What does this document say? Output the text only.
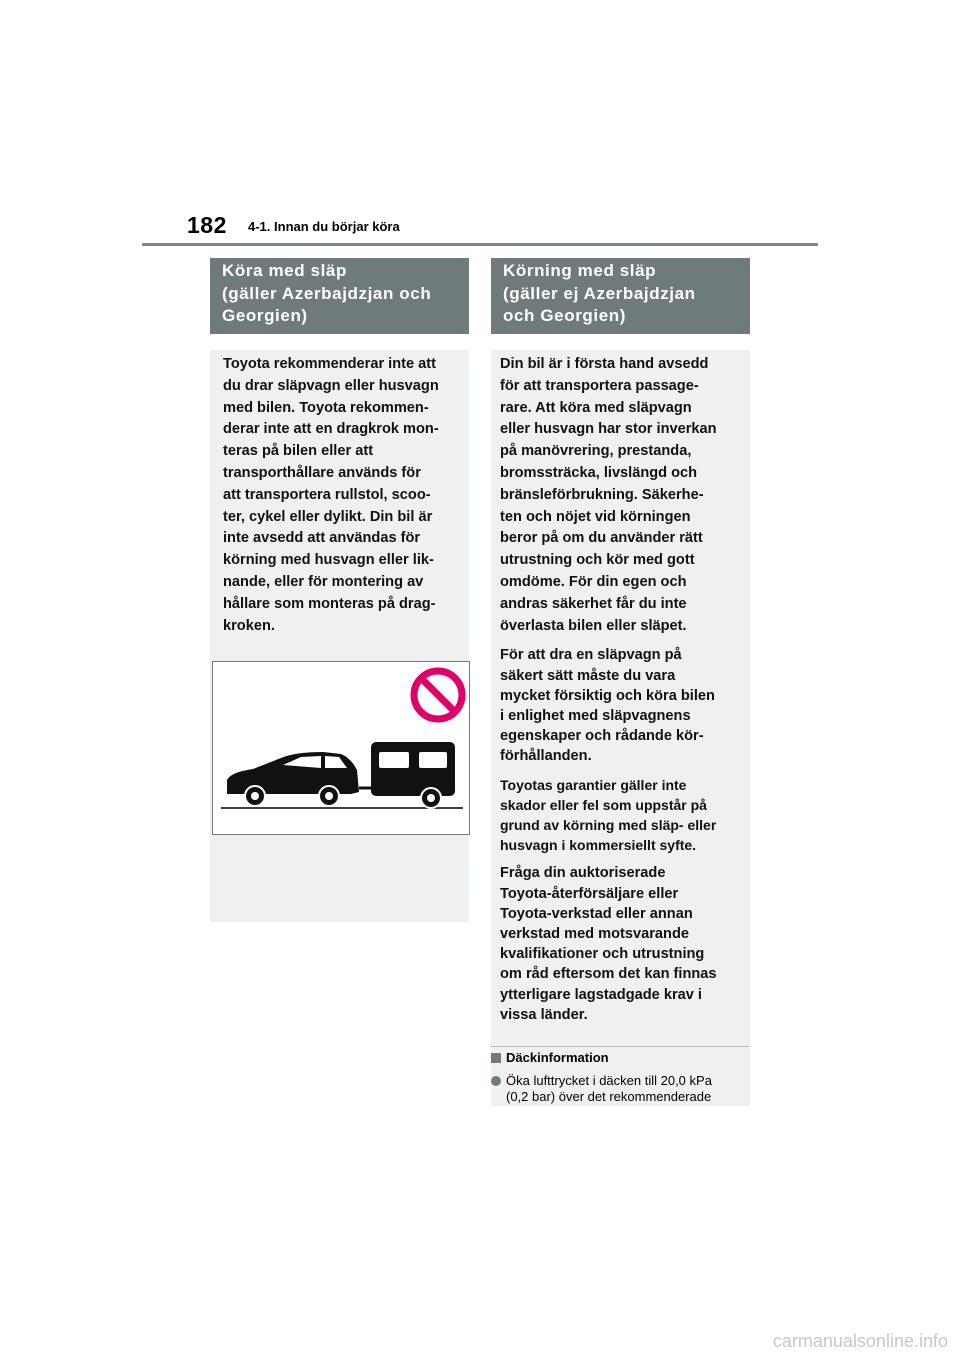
182 4-1. Innan du börjar köra
Köra med släp
(gäller Azerbajdzjan och
Georgien)
Toyota rekommenderar inte att
du drar släpvagn eller husvagn
med bilen. Toyota rekommen-
derar inte att en dragkrok mon-
teras på bilen eller att
transporthållare används för
att transportera rullstol, scoo-
ter, cykel eller dylikt. Din bil är
inte avsedd att användas för
körning med husvagn eller lik-
nande, eller för montering av
hållare som monteras på drag-
kroken.
Körning med släp
(gäller ej Azerbajdzjan
och Georgien)
Din bil är i första hand avsedd
för att transportera passage-
rare. Att köra med släpvagn
eller husvagn har stor inverkan
på manövrering, prestanda,
bromssträcka, livslängd och
bränsleförbrukning. Säkerhe-
ten och nöjet vid körningen
beror på om du använder rätt
utrustning och kör med gott
omdöme. För din egen och
andras säkerhet får du inte
överlasta bilen eller släpet.
För att dra en släpvagn på
säkert sätt måste du vara
mycket försiktig och köra bilen
i enlighet med släpvagnens
egenskaper och rådande kör-
förhållanden.
Toyotas garantier gäller inte
skador eller fel som uppstår på
grund av körning med släp- eller
husvagn i kommersiellt syfte.
Fråga din auktoriserade
Toyota-återförsäljare eller
Toyota-verkstad eller annan
verkstad med motsvarande
kvalifikationer och utrustning
om råd eftersom det kan finnas
ytterligare lagstadgade krav i
vissa länder.
Däckinformation
Öka lufttrycket i däcken till 20,0 kPa
(0,2 bar) över det rekommenderade
carmanualsonline.info
